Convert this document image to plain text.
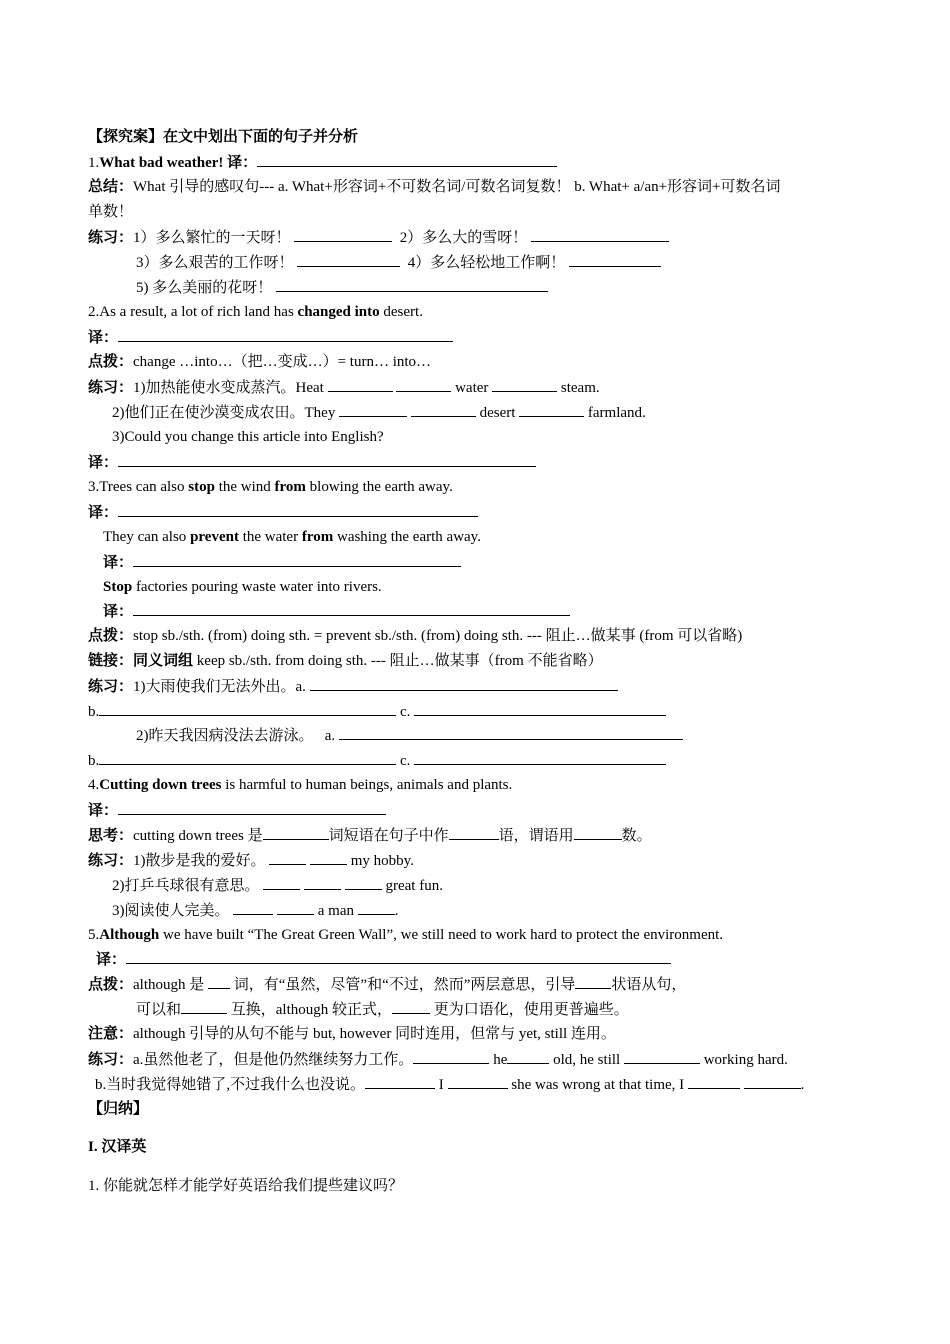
【探究案】在文中划出下面的句子并分析
1.What bad weather! 译：
总结：What 引导的感叹句--- a. What+形容词+不可数名词/可数名词复数！ b. What+ a/an+形容词+可数名词
单数！
练习：1）多么繁忙的一天呀！	2）多么大的雪呀！
3）多么艰苦的工作呀！	4）多么轻松地工作啊！
5) 多么美丽的花呀！
2.As a result, a lot of rich land has changed into desert.
译：
点拨：change …into…（把…变成…）= turn… into…
练习：1)加热能使水变成蒸汽。Heat	water	steam.
2)他们正在使沙漠变成农田。They	desert	farmland.
3)Could you change this article into English?
译：
3.Trees can also stop the wind from blowing the earth away.
译：
They can also prevent the water from washing the earth away.
译：
Stop factories pouring waste water into rivers.
译：
点拨：stop sb./sth. (from) doing sth. = prevent sb./sth. (from) doing sth. --- 阻止…做某事 (from 可以省略)
链接：同义词组 keep sb./sth. from doing sth. --- 阻止…做某事（from 不能省略）
练习：1)大雨使我们无法外出。a.
b.	c.
2)昨天我因病没法去游泳。 a.
b.	c.
4.Cutting down trees is harmful to human beings, animals and plants.
译：
思考：cutting down trees 是	词短语在句子中作	语，谓语用	数。
练习：1)散步是我的爱好。	my hobby.
2)打乒乓球很有意思。	great fun.
3)阅读使人完美。	a man	.
5.Although we have built “The Great Green Wall”, we still need to work hard to protect the environment.
译：
点拨：although 是 词，有“虽然，尽管”和“不过，然而”两层意思，引导 状语从句，
可以和	互换，although 较正式，	更为口语化，使用更普遍些。
注意：although 引导的从句不能与 but, however 同时连用，但常与 yet, still 连用。
练习：a.虽然他老了，但是他仍然继续努力工作。	he	old, he still	working hard.
b.当时我觉得她错了,不过我什么也没说。	I	she was wrong at that time, I	.
【归纳】
I. 汉译英
1. 你能就怎样才能学好英语给我们提些建议吗？
